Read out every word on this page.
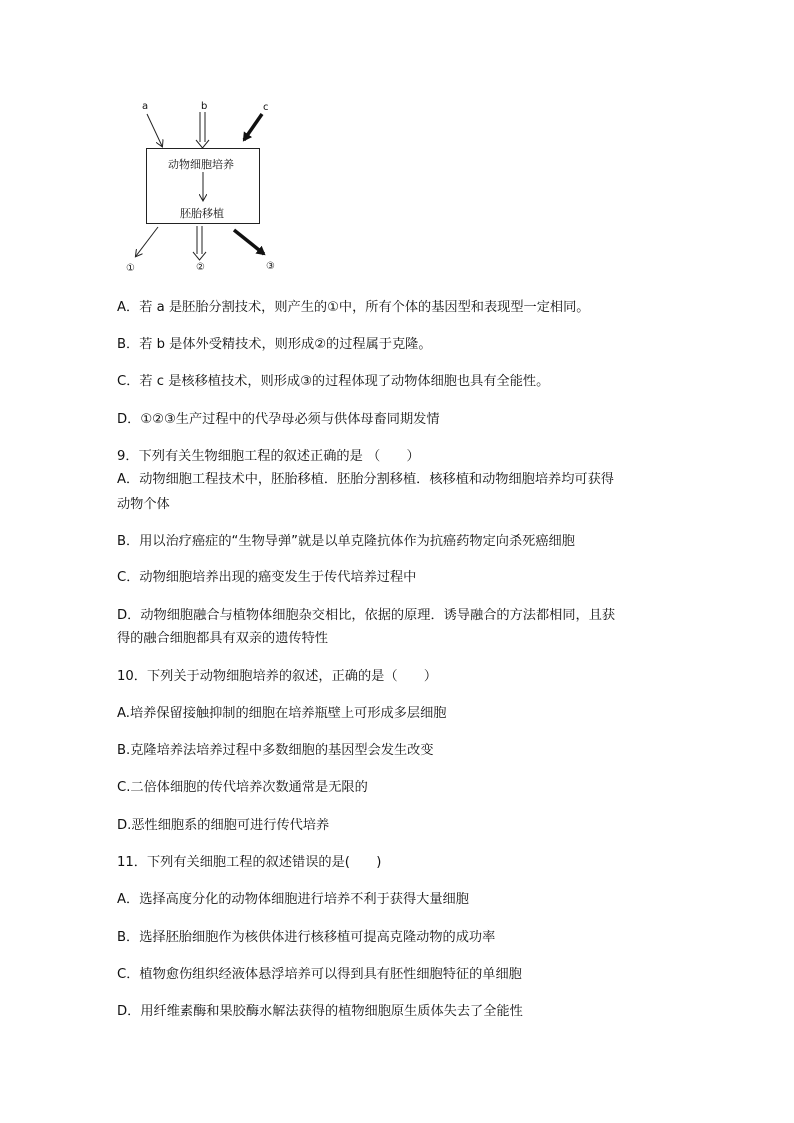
动物细胞培养
胚胎移植
a	b	c
①	②	③
A．若 a 是胚胎分割技术，则产生的①中，所有个体的基因型和表现型一定相同。
B．若 b 是体外受精技术，则形成②的过程属于克隆。
C．若 c 是核移植技术，则形成③的过程体现了动物体细胞也具有全能性。
D．①②③生产过程中的代孕母必须与供体母畜同期发情
9．下列有关生物细胞工程的叙述正确的是 （　　）
A．动物细胞工程技术中，胚胎移植．胚胎分割移植．核移植和动物细胞培养均可获得
动物个体
B．用以治疗癌症的“生物导弹”就是以单克隆抗体作为抗癌药物定向杀死癌细胞
C．动物细胞培养出现的癌变发生于传代培养过程中
D．动物细胞融合与植物体细胞杂交相比，依据的原理．诱导融合的方法都相同，且获
得的融合细胞都具有双亲的遗传特性
10．下列关于动物细胞培养的叙述，正确的是（　　）
A.培养保留接触抑制的细胞在培养瓶壁上可形成多层细胞
B.克隆培养法培养过程中多数细胞的基因型会发生改变
C.二倍体细胞的传代培养次数通常是无限的
D.恶性细胞系的细胞可进行传代培养
11．下列有关细胞工程的叙述错误的是(　　)
A．选择高度分化的动物体细胞进行培养不利于获得大量细胞
B．选择胚胎细胞作为核供体进行核移植可提高克隆动物的成功率
C．植物愈伤组织经液体悬浮培养可以得到具有胚性细胞特征的单细胞
D．用纤维素酶和果胶酶水解法获得的植物细胞原生质体失去了全能性
